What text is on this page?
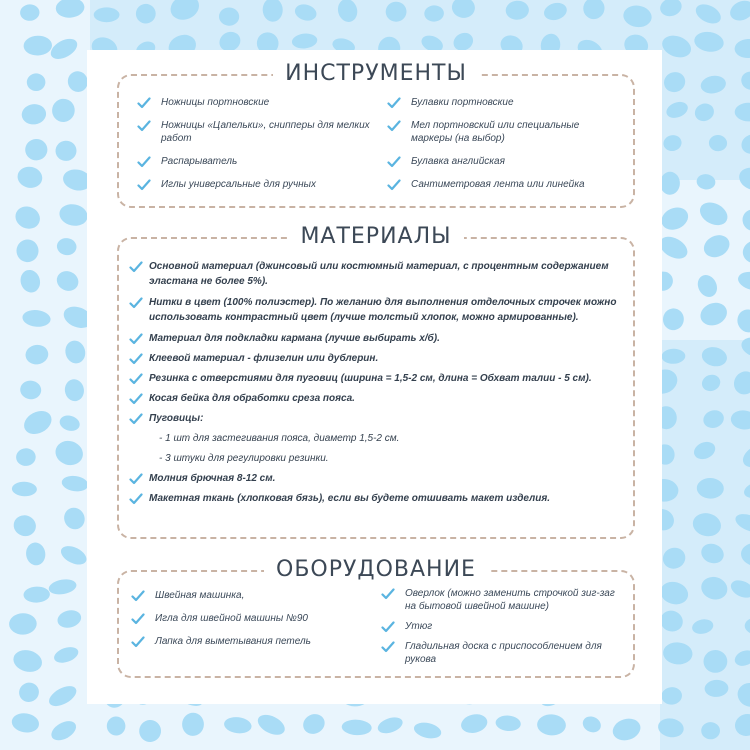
ИНСТРУМЕНТЫ
Ножницы портновские
Ножницы «Цапельки», снипперы для мелких работ
Распарыватель
Иглы универсальные для ручных
Булавки портновские
Мел портновский или специальные маркеры (на выбор)
Булавка английская
Сантиметровая лента или линейка
МАТЕРИАЛЫ
Основной материал (джинсовый или костюмный материал, с процентным содержанием эластана не более 5%).
Нитки в цвет (100% полиэстер). По желанию для выполнения отделочных строчек можно использовать контрастный цвет (лучше толстый хлопок, можно армированные).
Материал для подкладки кармана (лучше выбирать х/б).
Клеевой материал - флизелин или дублерин.
Резинка с отверстиями для пуговиц (ширина = 1,5-2 см, длина = Обхват талии - 5 см).
Косая бейка для обработки среза пояса.
Пуговицы:
- 1 шт для застегивания пояса, диаметр 1,5-2 см.
- 3 штуки для регулировки резинки.
Молния брючная 8-12 см.
Макетная ткань (хлопковая бязь), если вы будете отшивать макет изделия.
ОБОРУДОВАНИЕ
Швейная машинка,
Игла для швейной машины №90
Лапка для выметывания петель
Оверлок (можно заменить строчкой зиг-заг на бытовой швейной машине)
Утюг
Гладильная доска с приспособлением для рукова
